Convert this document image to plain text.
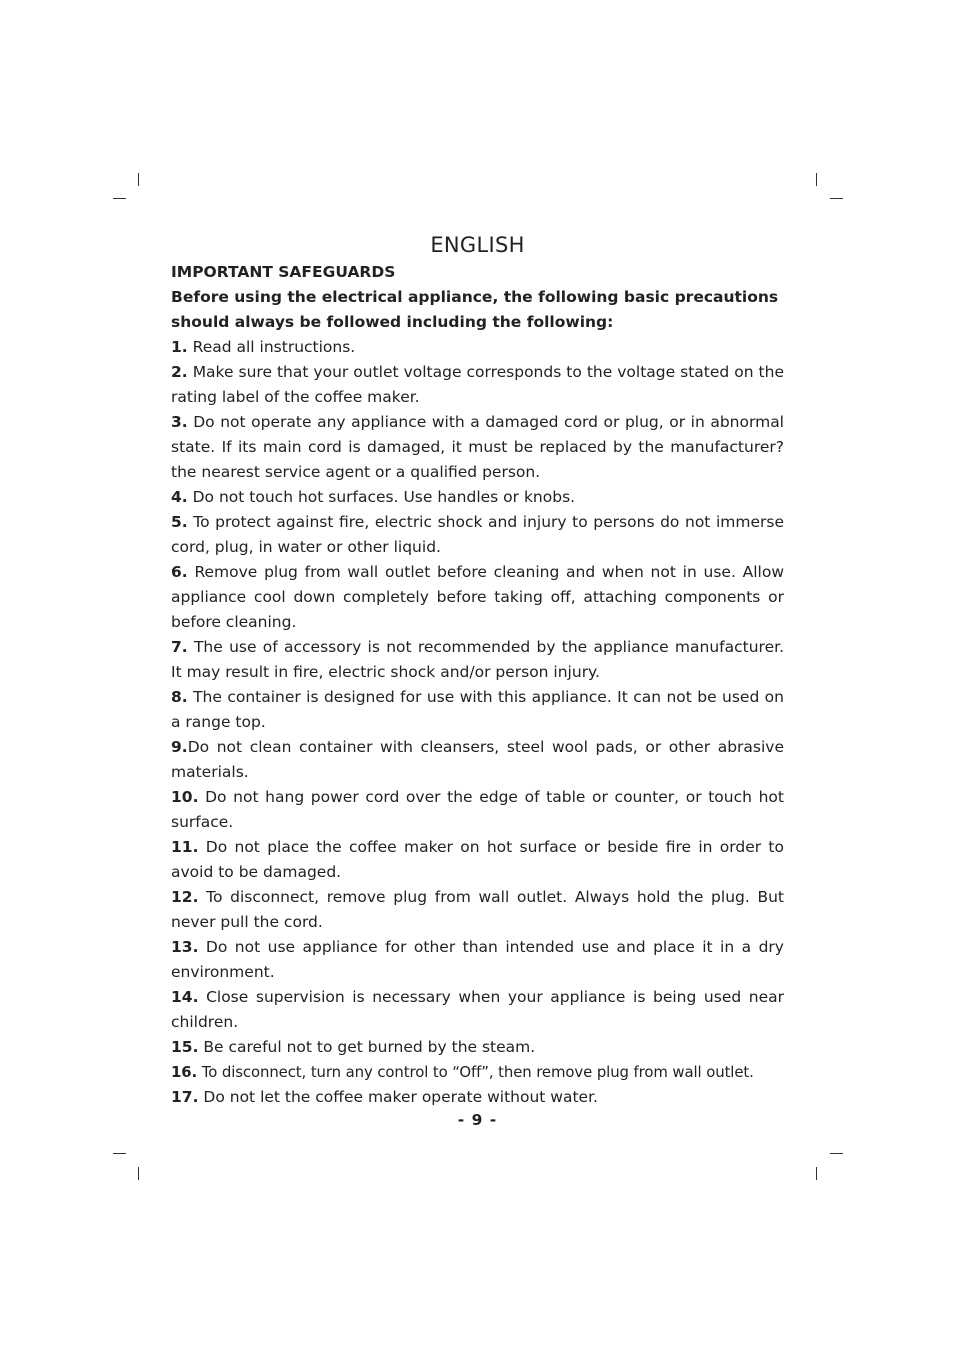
ENGLISH

IMPORTANT SAFEGUARDS

Before using the electrical appliance, the following basic precautions should always be followed including the following:

1. Read all instructions.
2. Make sure that your outlet voltage corresponds to the voltage stated on the rating label of the coffee maker.
3. Do not operate any appliance with a damaged cord or plug, or in abnormal state. If its main cord is damaged, it must be replaced by the manufacturer?the nearest service agent or a qualified person.
4. Do not touch hot surfaces. Use handles or knobs.
5. To protect against fire, electric shock and injury to persons do not immerse cord, plug, in water or other liquid.
6. Remove plug from wall outlet before cleaning and when not in use. Allow appliance cool down completely before taking off, attaching components or before cleaning.
7. The use of accessory is not recommended by the appliance manufacturer. It may result in fire, electric shock and/or person injury.
8. The container is designed for use with this appliance. It can not be used on a range top.
9.Do not clean container with cleansers, steel wool pads, or other abrasive materials.
10. Do not hang power cord over the edge of table or counter, or touch hot surface.
11. Do not place the coffee maker on hot surface or beside fire in order to avoid to be damaged.
12. To disconnect, remove plug from wall outlet. Always hold the plug. But never pull the cord.
13. Do not use appliance for other than intended use and place it in a dry environment.
14. Close supervision is necessary when your appliance is being used near children.
15. Be careful not to get burned by the steam.
16. To disconnect, turn any control to “Off”, then remove plug from wall outlet.
17. Do not let the coffee maker operate without water.
- 9 -
